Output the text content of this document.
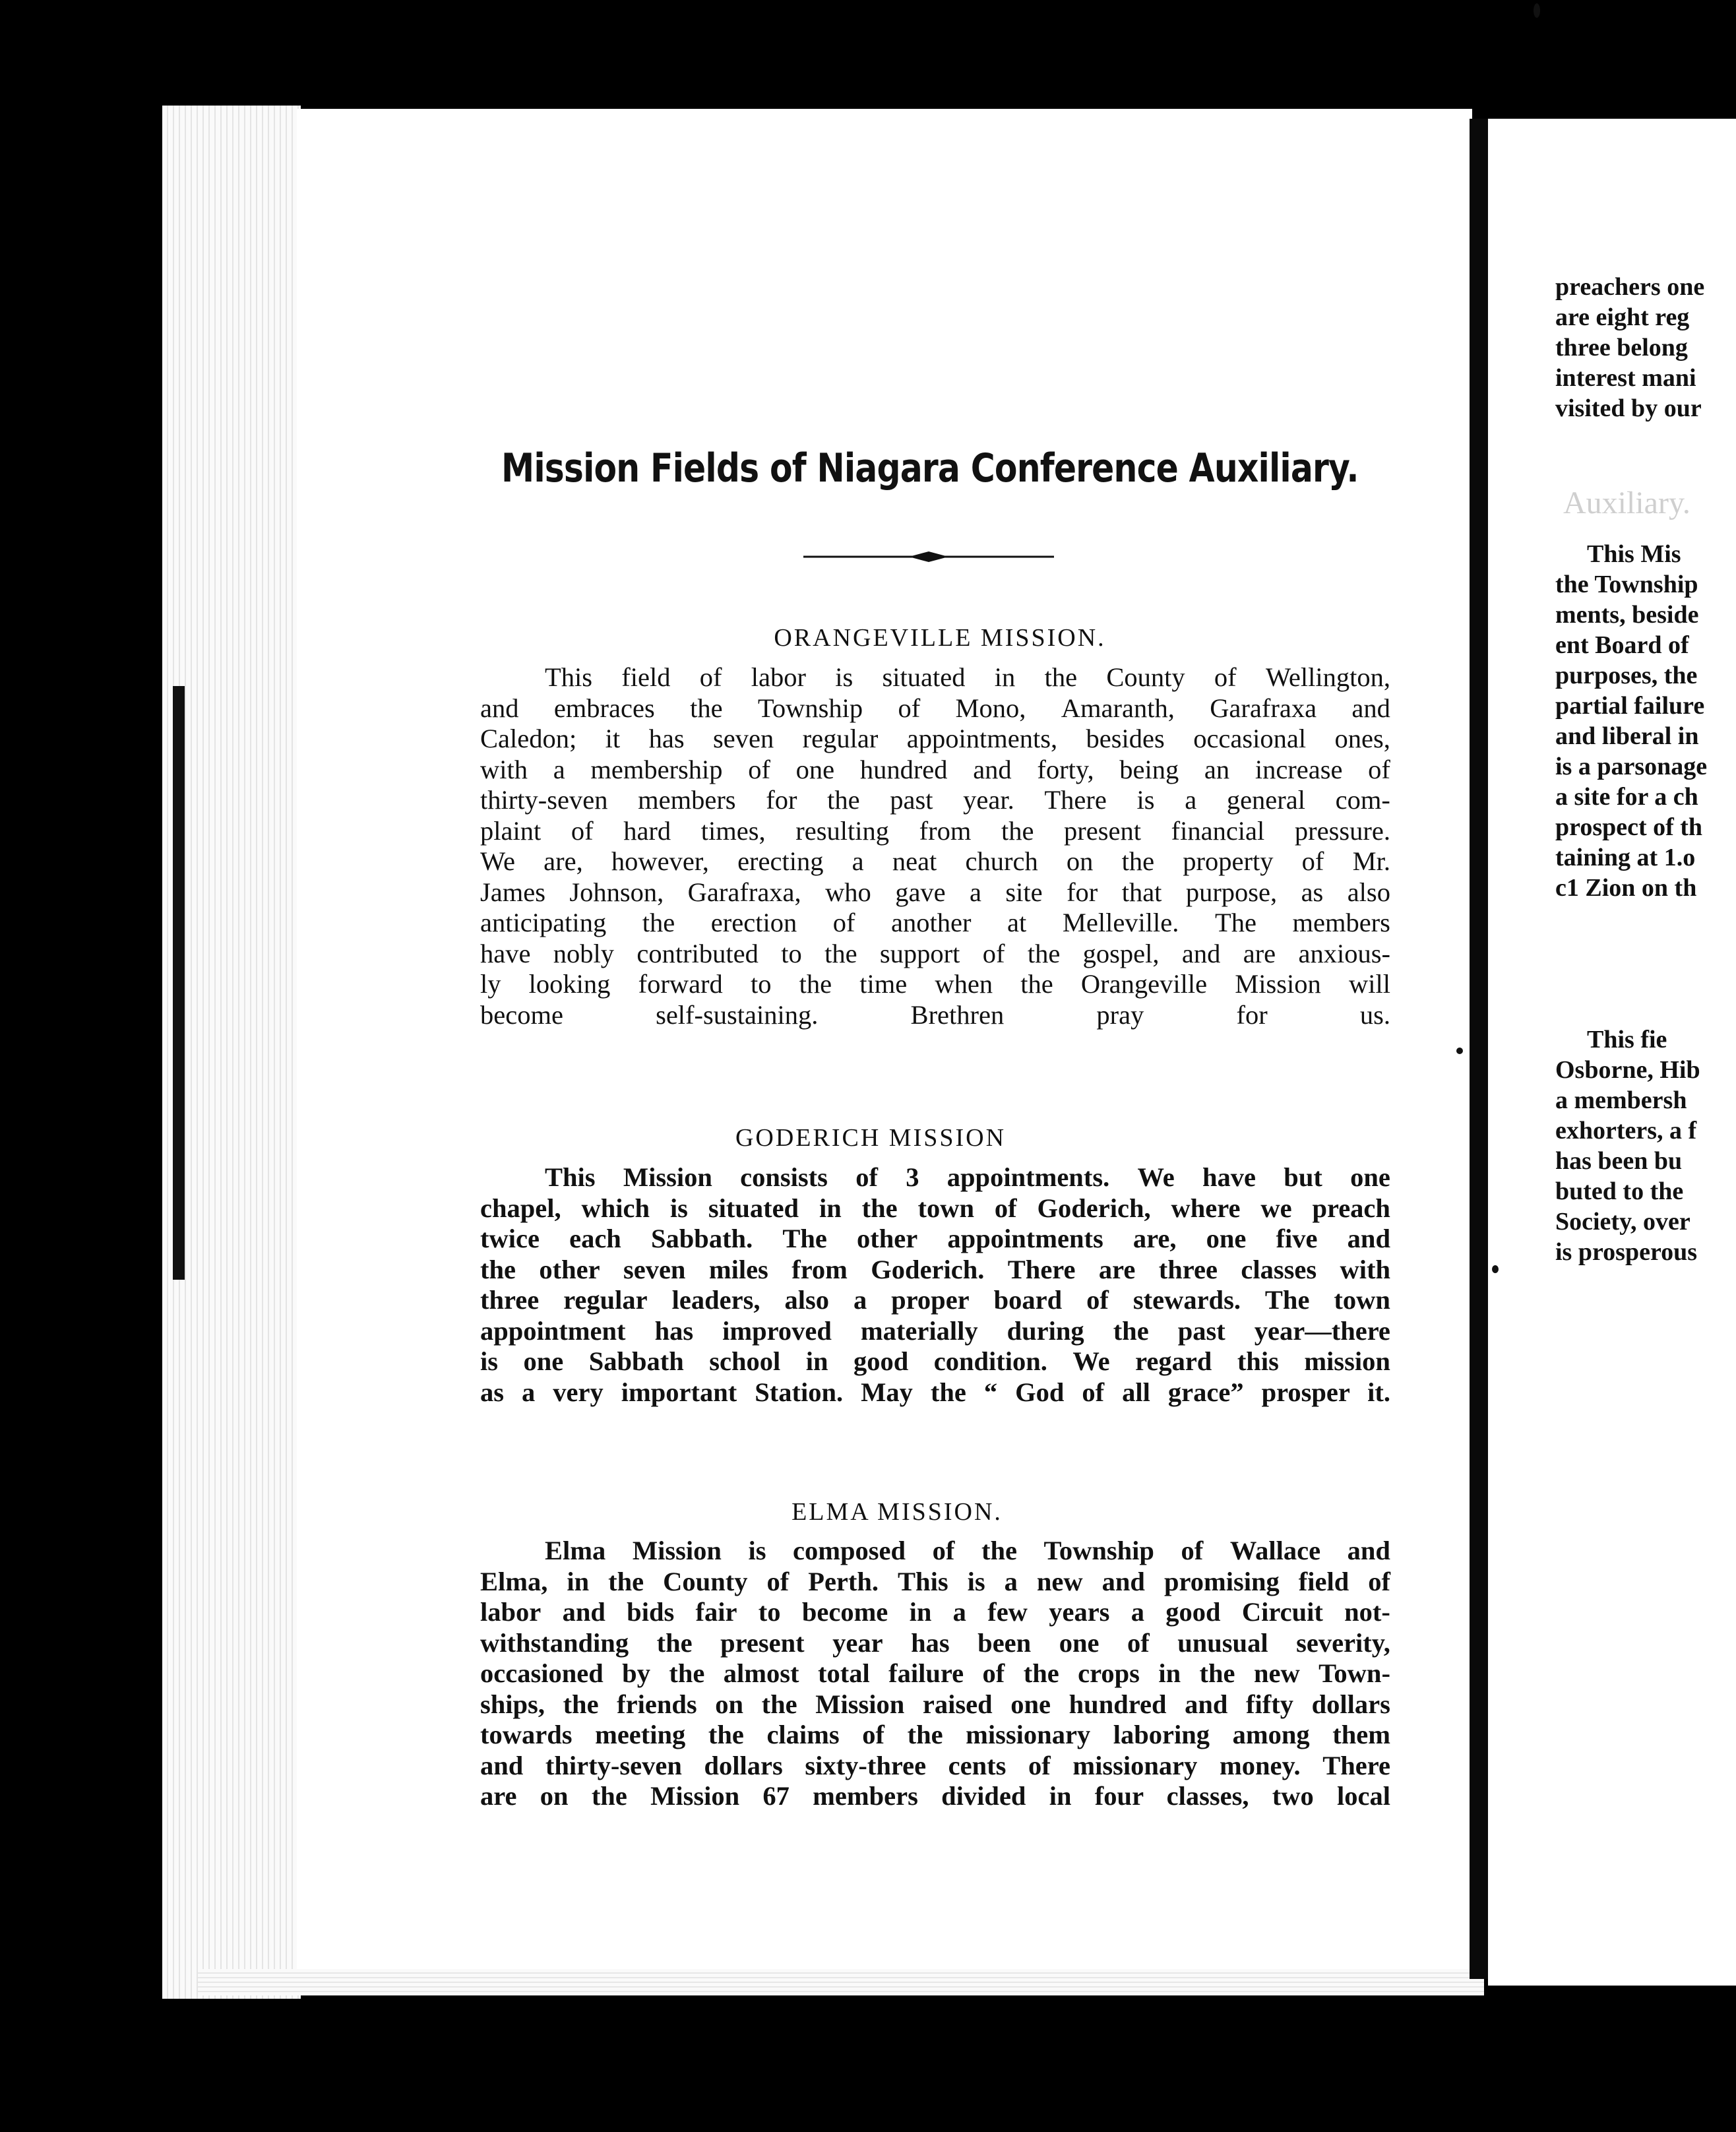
Mission Fields of Niagara Conference Auxiliary.
ORANGEVILLE MISSION.
This field of labor is situated in the County of Wellington,
and embraces the Township of Mono, Amaranth, Garafraxa and
Caledon; it has seven regular appointments, besides occasional ones,
with a membership of one hundred and forty, being an increase of
thirty-seven members for the past year. There is a general com-
plaint of hard times, resulting from the present financial pressure.
We are, however, erecting a neat church on the property of Mr.
James Johnson, Garafraxa, who gave a site for that purpose, as also
anticipating the erection of another at Melleville. The members
have nobly contributed to the support of the gospel, and are anxious-
ly looking forward to the time when the Orangeville Mission will
become self-sustaining. Brethren pray for us.
GODERICH MISSION
This Mission consists of 3 appointments. We have but one
chapel, which is situated in the town of Goderich, where we preach
twice each Sabbath. The other appointments are, one five and
the other seven miles from Goderich. There are three classes with
three regular leaders, also a proper board of stewards. The town
appointment has improved materially during the past year—there
is one Sabbath school in good condition. We regard this mission
as a very important Station. May the “ God of all grace” prosper it.
ELMA MISSION.
Elma Mission is composed of the Township of Wallace and
Elma, in the County of Perth. This is a new and promising field of
labor and bids fair to become in a few years a good Circuit not-
withstanding the present year has been one of unusual severity,
occasioned by the almost total failure of the crops in the new Town-
ships, the friends on the Mission raised one hundred and fifty dollars
towards meeting the claims of the missionary laboring among them
and thirty-seven dollars sixty-three cents of missionary money. There
are on the Mission 67 members divided in four classes, two local
preachers one
are eight reg
three belong
interest mani
visited by our
Auxiliary.
This Mis
the Township
ments, beside
ent Board of
purposes, the
partial failure
and liberal in
is a parsonage
a site for a ch
prospect of th
taining at 1.o
c1 Zion on th
This fie
Osborne, Hib
a membersh
exhorters, a f
has been bu
buted to the
Society, over
is prosperous
